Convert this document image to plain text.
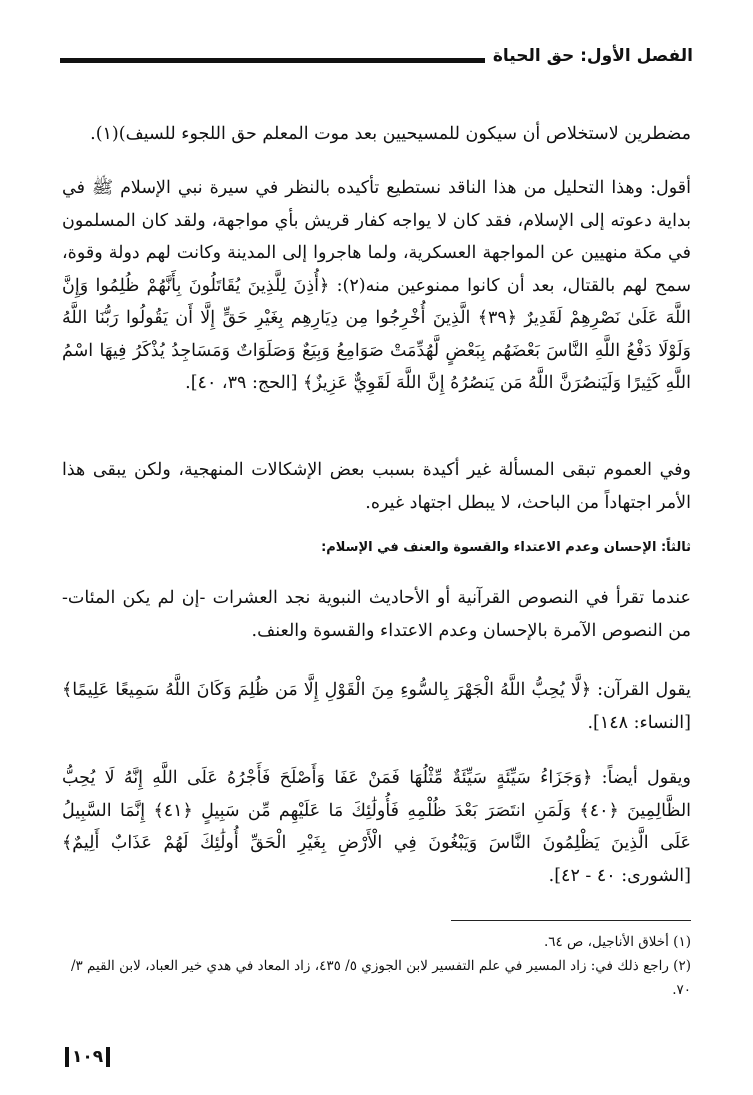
الفصل الأول: حق الحياة

مضطرين لاستخلاص أن سيكون للمسيحيين بعد موت المعلم حق اللجوء للسيف)(١).

أقول: وهذا التحليل من هذا الناقد نستطيع تأكيده بالنظر في سيرة نبي الإسلام ﷺ في بداية دعوته إلى الإسلام، فقد كان لا يواجه كفار قريش بأي مواجهة، ولقد كان المسلمون في مكة منهيين عن المواجهة العسكرية، ولما هاجروا إلى المدينة وكانت لهم دولة وقوة، سمح لهم بالقتال، بعد أن كانوا ممنوعين منه(٢): ﴿أُذِنَ لِلَّذِينَ يُقَاتَلُونَ بِأَنَّهُمْ ظُلِمُوا وَإِنَّ اللَّهَ عَلَىٰ نَصْرِهِمْ لَقَدِيرٌ ﴿٣٩﴾ الَّذِينَ أُخْرِجُوا مِن دِيَارِهِم بِغَيْرِ حَقٍّ إِلَّا أَن يَقُولُوا رَبُّنَا اللَّهُ وَلَوْلَا دَفْعُ اللَّهِ النَّاسَ بَعْضَهُم بِبَعْضٍ لَّهُدِّمَتْ صَوَامِعُ وَبِيَعٌ وَصَلَوَاتٌ وَمَسَاجِدُ يُذْكَرُ فِيهَا اسْمُ اللَّهِ كَثِيرًا وَلَيَنصُرَنَّ اللَّهُ مَن يَنصُرُهُ إِنَّ اللَّهَ لَقَوِيٌّ عَزِيزٌ﴾ [الحج: ٣٩، ٤٠].

وفي العموم تبقى المسألة غير أكيدة بسبب بعض الإشكالات المنهجية، ولكن يبقى هذا الأمر اجتهاداً من الباحث، لا يبطل اجتهاد غيره.

ثالثاً: الإحسان وعدم الاعتداء والقسوة والعنف في الإسلام:

عندما تقرأ في النصوص القرآنية أو الأحاديث النبوية نجد العشرات -إن لم يكن المئات- من النصوص الآمرة بالإحسان وعدم الاعتداء والقسوة والعنف.

يقول القرآن: ﴿لَّا يُحِبُّ اللَّهُ الْجَهْرَ بِالسُّوءِ مِنَ الْقَوْلِ إِلَّا مَن ظُلِمَ وَكَانَ اللَّهُ سَمِيعًا عَلِيمًا﴾ [النساء: ١٤٨].

ويقول أيضاً: ﴿وَجَزَاءُ سَيِّئَةٍ سَيِّئَةٌ مِّثْلُهَا فَمَنْ عَفَا وَأَصْلَحَ فَأَجْرُهُ عَلَى اللَّهِ إِنَّهُ لَا يُحِبُّ الظَّالِمِينَ ﴿٤٠﴾ وَلَمَنِ انتَصَرَ بَعْدَ ظُلْمِهِ فَأُولَٰئِكَ مَا عَلَيْهِم مِّن سَبِيلٍ ﴿٤١﴾ إِنَّمَا السَّبِيلُ عَلَى الَّذِينَ يَظْلِمُونَ النَّاسَ وَيَبْغُونَ فِي الْأَرْضِ بِغَيْرِ الْحَقِّ أُولَٰئِكَ لَهُمْ عَذَابٌ أَلِيمٌ﴾ [الشورى: ٤٠ - ٤٢].

(١) أخلاق الأناجيل، ص ٦٤.

(٢) راجع ذلك في: زاد المسير في علم التفسير لابن الجوزي ٥/ ٤٣٥، زاد المعاد في هدي خير العباد، لابن القيم ٣/ ٧٠.

١٠٩
